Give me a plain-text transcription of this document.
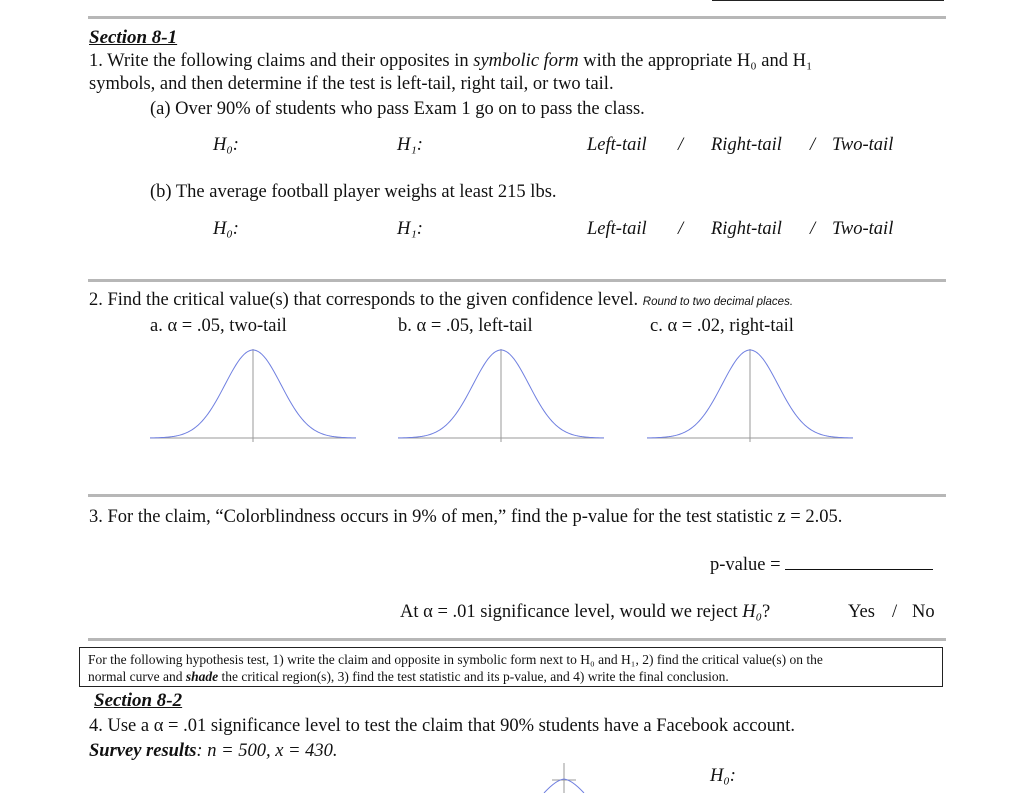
Section 8-1
1. Write the following claims and their opposites in symbolic form with the appropriate H₀ and H₁
symbols, and then determine if the test is left-tail, right tail, or two tail.
(a) Over 90% of students who pass Exam 1 go on to pass the class.
H₀:	H₁:	Left-tail / Right-tail / Two-tail
(b) The average football player weighs at least 215 lbs.
H₀:	H₁:	Left-tail / Right-tail / Two-tail
2. Find the critical value(s) that corresponds to the given confidence level. Round to two decimal places.
a. α = .05, two-tail	b. α = .05, left-tail	c. α = .02, right-tail
3. For the claim, “Colorblindness occurs in 9% of men,” find the p-value for the test statistic z = 2.05.
p-value =
At α = .01 significance level, would we reject H₀?	Yes / No
For the following hypothesis test, 1) write the claim and opposite in symbolic form next to H₀ and H₁, 2) find the critical value(s) on the
normal curve and shade the critical region(s), 3) find the test statistic and its p-value, and 4) write the final conclusion.
Section 8-2
4. Use a α = .01 significance level to test the claim that 90% students have a Facebook account.
Survey results: n = 500, x = 430.
H₀:
